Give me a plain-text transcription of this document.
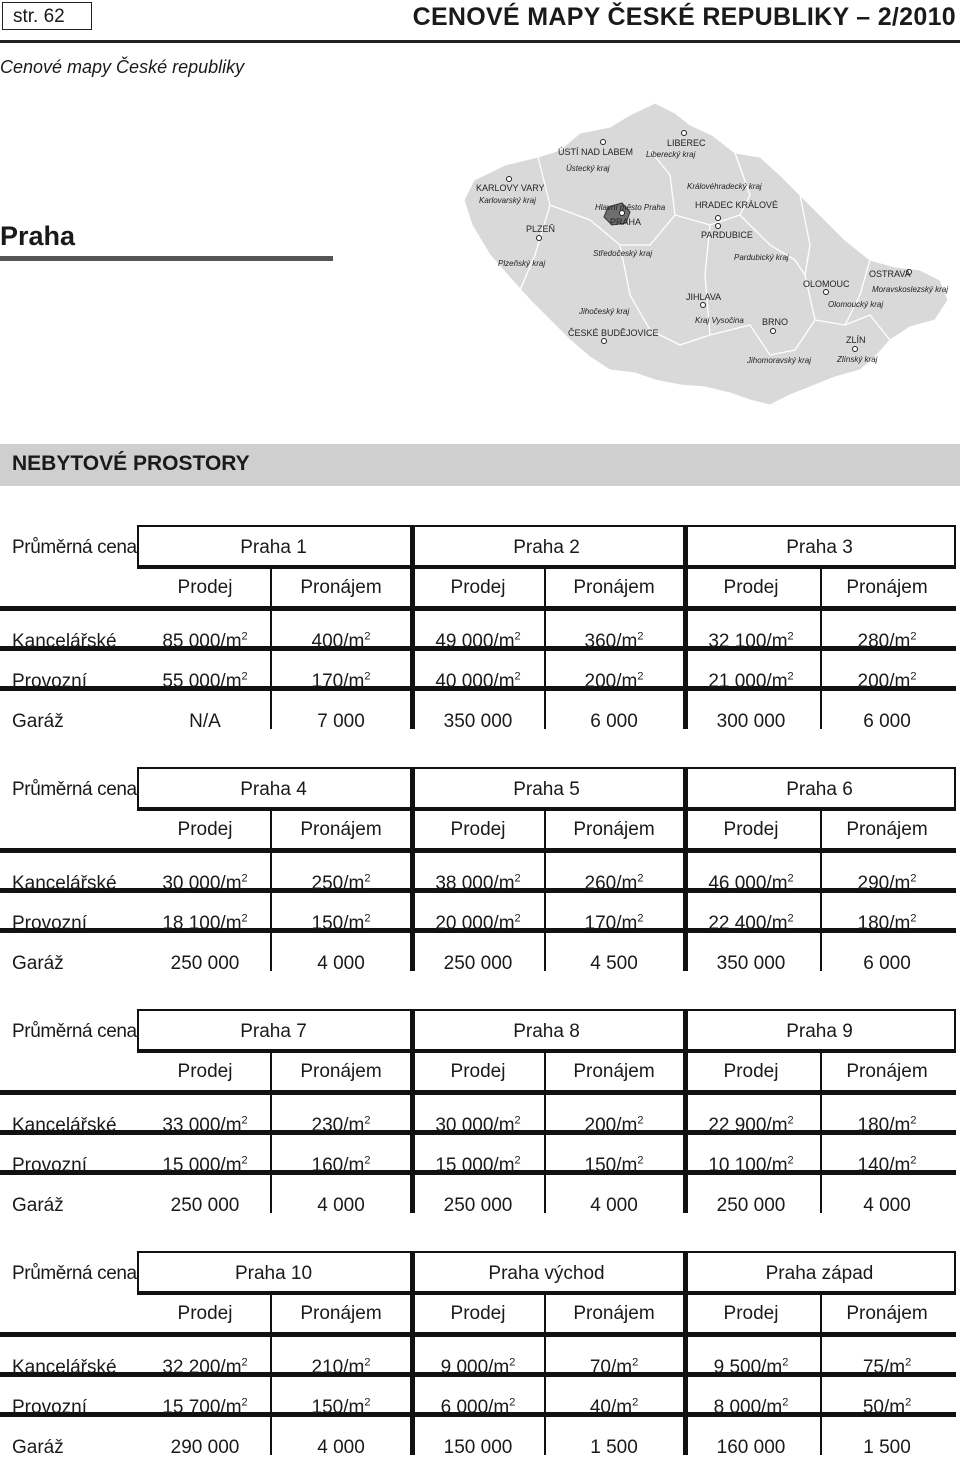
str. 62	CENOVÉ MAPY ČESKÉ REPUBLIKY – 2/2010
Cenové mapy České republiky
Praha
LIBEREC
ÚSTÍ NAD LABEM
KARLOVY VARY
PLZEŇ
PRAHA
HRADEC KRÁLOVÉ
PARDUBICE
JIHLAVA
BRNO
OLOMOUC
OSTRAVA
ZLÍN
ČESKÉ BUDĚJOVICE
Liberecký kraj
Ústecký kraj
Karlovarský kraj
Plzeňský kraj
Hlavní město Praha
Středočeský kraj
Královéhradecký kraj
Pardubický kraj
Jihočeský kraj
Kraj Vysočina
Jihomoravský kraj
Olomoucký kraj
Moravskoslezský kraj
Zlínský kraj
NEBYTOVÉ PROSTORY
Průměrná cena	Praha 1	Praha 2	Praha 3
Prodej	Pronájem	Prodej	Pronájem	Prodej	Pronájem
Kancelářské	85 $000/m^2$	$400/m^2$	49 $000/m^2$	$360/m^2$	32 $100/m^2$	$280/m^2$
Provozní	55 $000/m^2$	$170/m^2$	40 $000/m^2$	$200/m^2$	21 $000/m^2$	$200/m^2$
Garáž	N/A	7 000	350 000	6 000	300 000	6 000
Průměrná cena	Praha 4	Praha 5	Praha 6
Prodej	Pronájem	Prodej	Pronájem	Prodej	Pronájem
Kancelářské	30 $000/m^2$	$250/m^2$	38 $000/m^2$	$260/m^2$	46 $000/m^2$	$290/m^2$
Provozní	18 $100/m^2$	$150/m^2$	20 $000/m^2$	$170/m^2$	22 $400/m^2$	$180/m^2$
Garáž	250 000	4 000	250 000	4 500	350 000	6 000
Průměrná cena	Praha 7	Praha 8	Praha 9
Prodej	Pronájem	Prodej	Pronájem	Prodej	Pronájem
Kancelářské	33 $000/m^2$	$230/m^2$	30 $000/m^2$	$200/m^2$	22 $900/m^2$	$180/m^2$
Provozní	15 $000/m^2$	$160/m^2$	15 $000/m^2$	$150/m^2$	10 $100/m^2$	$140/m^2$
Garáž	250 000	4 000	250 000	4 000	250 000	4 000
Průměrná cena	Praha 10	Praha východ	Praha západ
Prodej	Pronájem	Prodej	Pronájem	Prodej	Pronájem
Kancelářské	32 $200/m^2$	$210/m^2$	9 $000/m^2$	$70/m^2$	9 $500/m^2$	$75/m^2$
Provozní	15 $700/m^2$	$150/m^2$	6 $000/m^2$	$40/m^2$	8 $000/m^2$	$50/m^2$
Garáž	290 000	4 000	150 000	1 500	160 000	1 500
